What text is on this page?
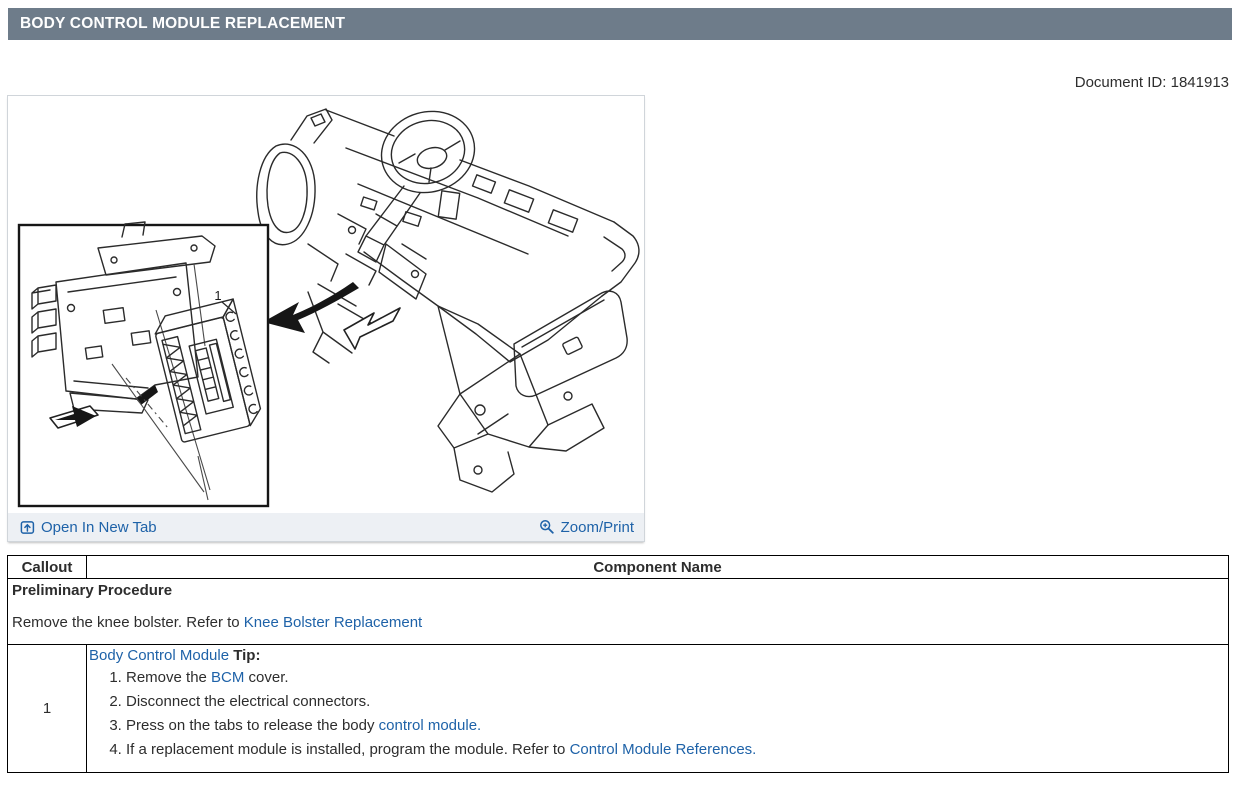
BODY CONTROL MODULE REPLACEMENT
Document ID: 1841913
1
Open In New Tab	Zoom/Print
Callout	Component Name

Preliminary Procedure

Remove the knee bolster. Refer to Knee Bolster Replacement	

1	

Body Control Module Tip:

1. Remove the BCM cover.
2. Disconnect the electrical connectors.
3. Press on the tabs to release the body control module.
4. If a replacement module is installed, program the module. Refer to Control Module References.
